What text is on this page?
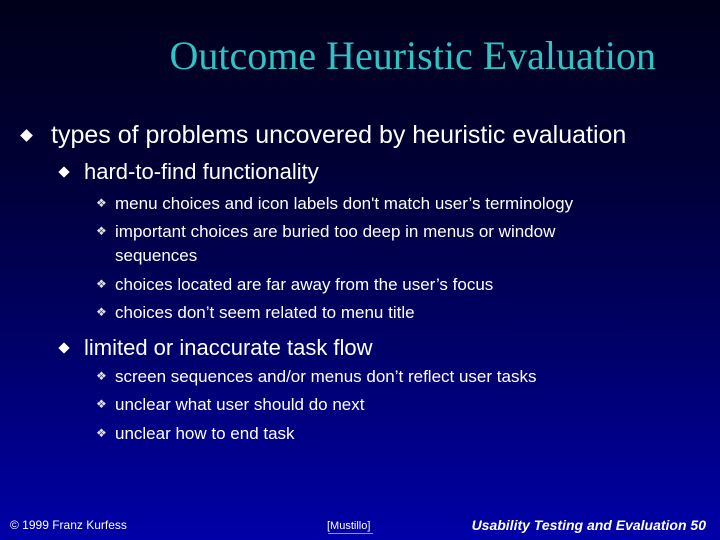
Outcome Heuristic Evaluation
types of problems uncovered by heuristic evaluation
hard-to-find functionality
❖ menu choices and icon labels don't match user’s terminology
❖ important choices are buried too deep in menus or window
sequences
❖ choices located are far away from the user’s focus
❖ choices don’t seem related to menu title
limited or inaccurate task flow
❖ screen sequences and/or menus don’t reflect user tasks
❖ unclear what user should do next
❖ unclear how to end task
© 1999 Franz Kurfess	[Mustillo]	Usability Testing and Evaluation 50
